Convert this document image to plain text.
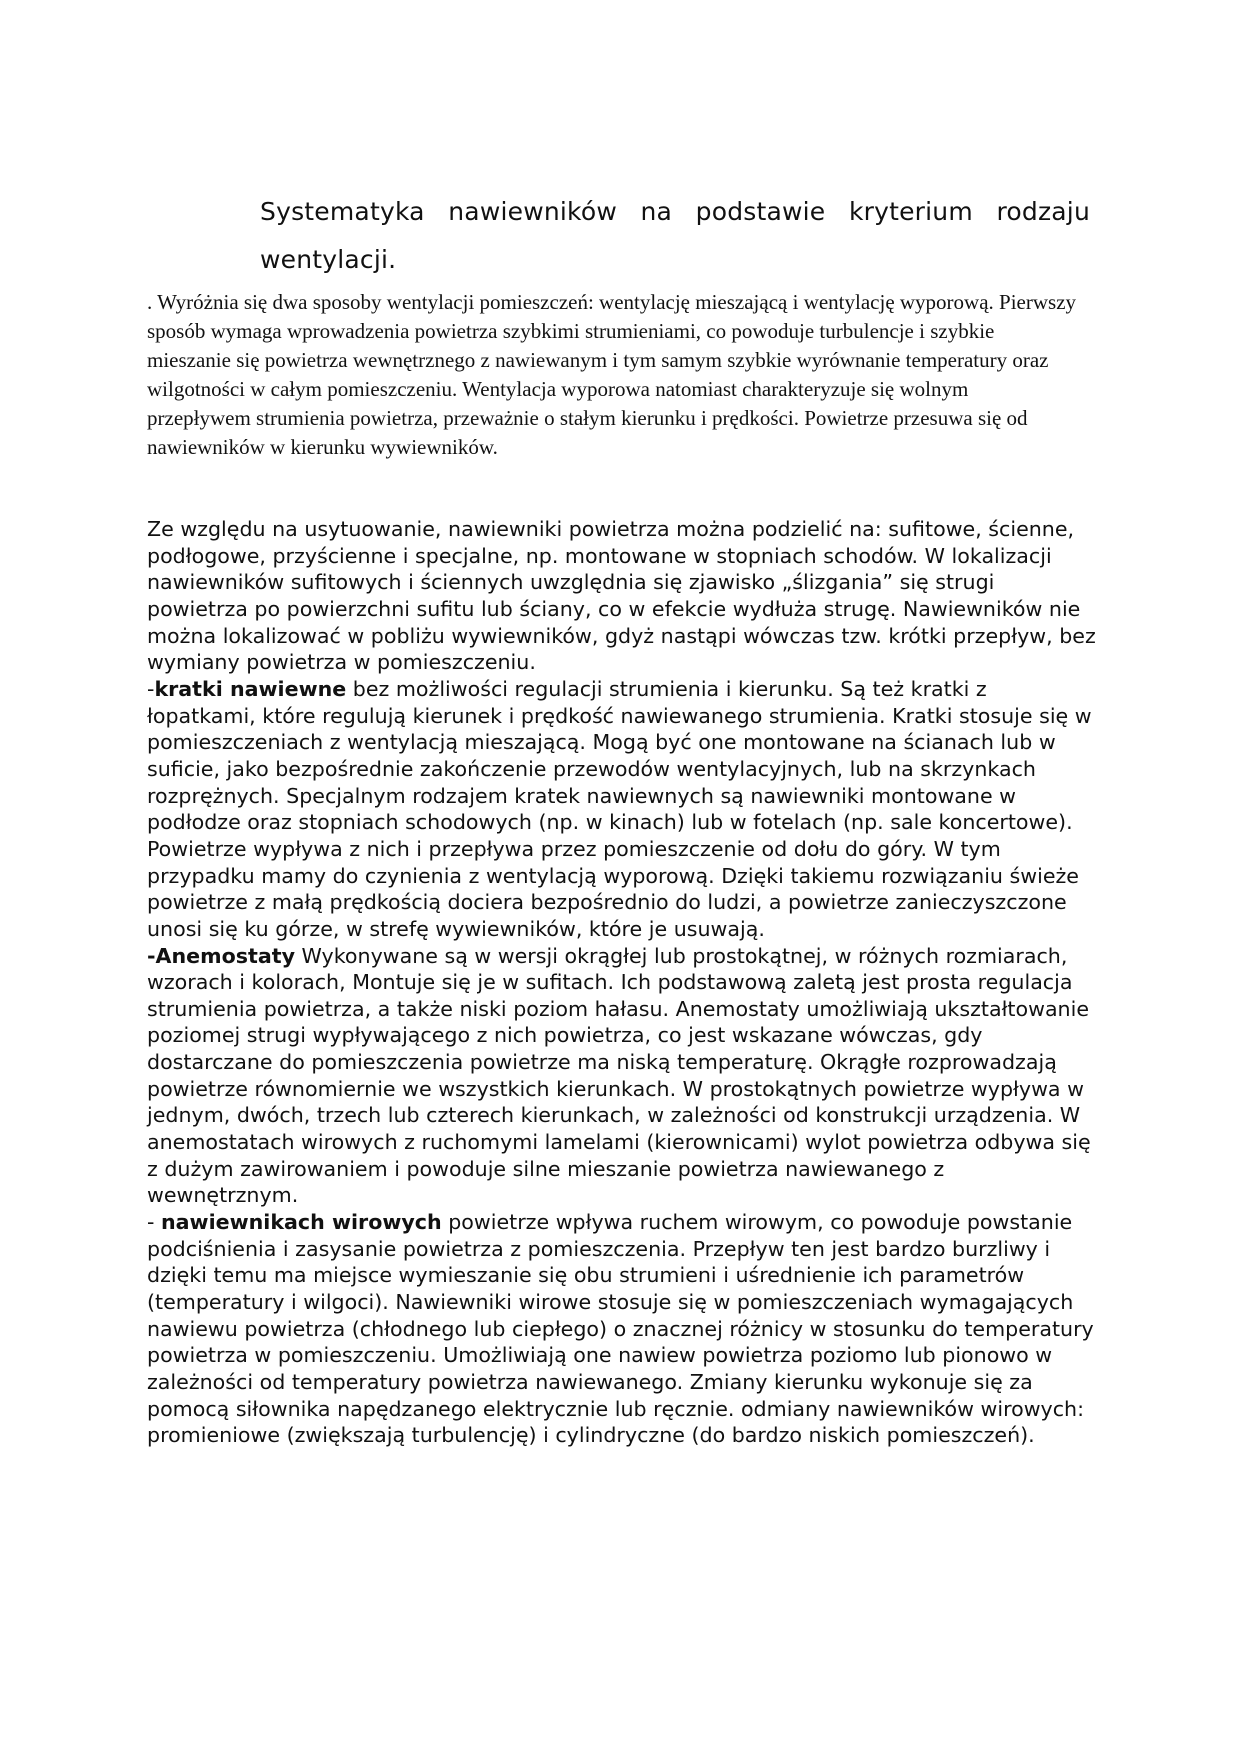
Systematyka nawiewników na podstawie kryterium rodzaju wentylacji.

. Wyróżnia się dwa sposoby wentylacji pomieszczeń: wentylację mieszającą i wentylację wyporową. Pierwszy sposób wymaga wprowadzenia powietrza szybkimi strumieniami, co powoduje turbulencje i szybkie mieszanie się powietrza wewnętrznego z nawiewanym i tym samym szybkie wyrównanie temperatury oraz wilgotności w całym pomieszczeniu. Wentylacja wyporowa natomiast charakteryzuje się wolnym przepływem strumienia powietrza, przeważnie o stałym kierunku i prędkości. Powietrze przesuwa się od nawiewników w kierunku wywiewników.

Ze względu na usytuowanie, nawiewniki powietrza można podzielić na: sufitowe, ścienne, podłogowe, przyścienne i specjalne, np. montowane w stopniach schodów. W lokalizacji nawiewników sufitowych i ściennych uwzględnia się zjawisko „ślizgania” się strugi powietrza po powierzchni sufitu lub ściany, co w efekcie wydłuża strugę. Nawiewników nie można lokalizować w pobliżu wywiewników, gdyż nastąpi wówczas tzw. krótki przepływ, bez wymiany powietrza w pomieszczeniu.

-kratki nawiewne bez możliwości regulacji strumienia i kierunku. Są też kratki z łopatkami, które regulują kierunek i prędkość nawiewanego strumienia. Kratki stosuje się w pomieszczeniach z wentylacją mieszającą. Mogą być one montowane na ścianach lub w suficie, jako bezpośrednie zakończenie przewodów wentylacyjnych, lub na skrzynkach rozprężnych. Specjalnym rodzajem kratek nawiewnych są nawiewniki montowane w podłodze oraz stopniach schodowych (np. w kinach) lub w fotelach (np. sale koncertowe). Powietrze wypływa z nich i przepływa przez pomieszczenie od dołu do góry. W tym przypadku mamy do czynienia z wentylacją wyporową. Dzięki takiemu rozwiązaniu świeże powietrze z małą prędkością dociera bezpośrednio do ludzi, a powietrze zanieczyszczone unosi się ku górze, w strefę wywiewników, które je usuwają.

-Anemostaty Wykonywane są w wersji okrągłej lub prostokątnej, w różnych rozmiarach, wzorach i kolorach, Montuje się je w sufitach. Ich podstawową zaletą jest prosta regulacja strumienia powietrza, a także niski poziom hałasu. Anemostaty umożliwiają ukształtowanie poziomej strugi wypływającego z nich powietrza, co jest wskazane wówczas, gdy dostarczane do pomieszczenia powietrze ma niską temperaturę. Okrągłe rozprowadzają powietrze równomiernie we wszystkich kierunkach. W prostokątnych powietrze wypływa w jednym, dwóch, trzech lub czterech kierunkach, w zależności od konstrukcji urządzenia. W anemostatach wirowych z ruchomymi lamelami (kierownicami) wylot powietrza odbywa się z dużym zawirowaniem i powoduje silne mieszanie powietrza nawiewanego z wewnętrznym.

- nawiewnikach wirowych powietrze wpływa ruchem wirowym, co powoduje powstanie podciśnienia i zasysanie powietrza z pomieszczenia. Przepływ ten jest bardzo burzliwy i dzięki temu ma miejsce wymieszanie się obu strumieni i uśrednienie ich parametrów (temperatury i wilgoci). Nawiewniki wirowe stosuje się w pomieszczeniach wymagających nawiewu powietrza (chłodnego lub ciepłego) o znacznej różnicy w stosunku do temperatury powietrza w pomieszczeniu. Umożliwiają one nawiew powietrza poziomo lub pionowo w zależności od temperatury powietrza nawiewanego. Zmiany kierunku wykonuje się za pomocą siłownika napędzanego elektrycznie lub ręcznie. odmiany nawiewników wirowych: promieniowe (zwiększają turbulencję) i cylindryczne (do bardzo niskich pomieszczeń).
